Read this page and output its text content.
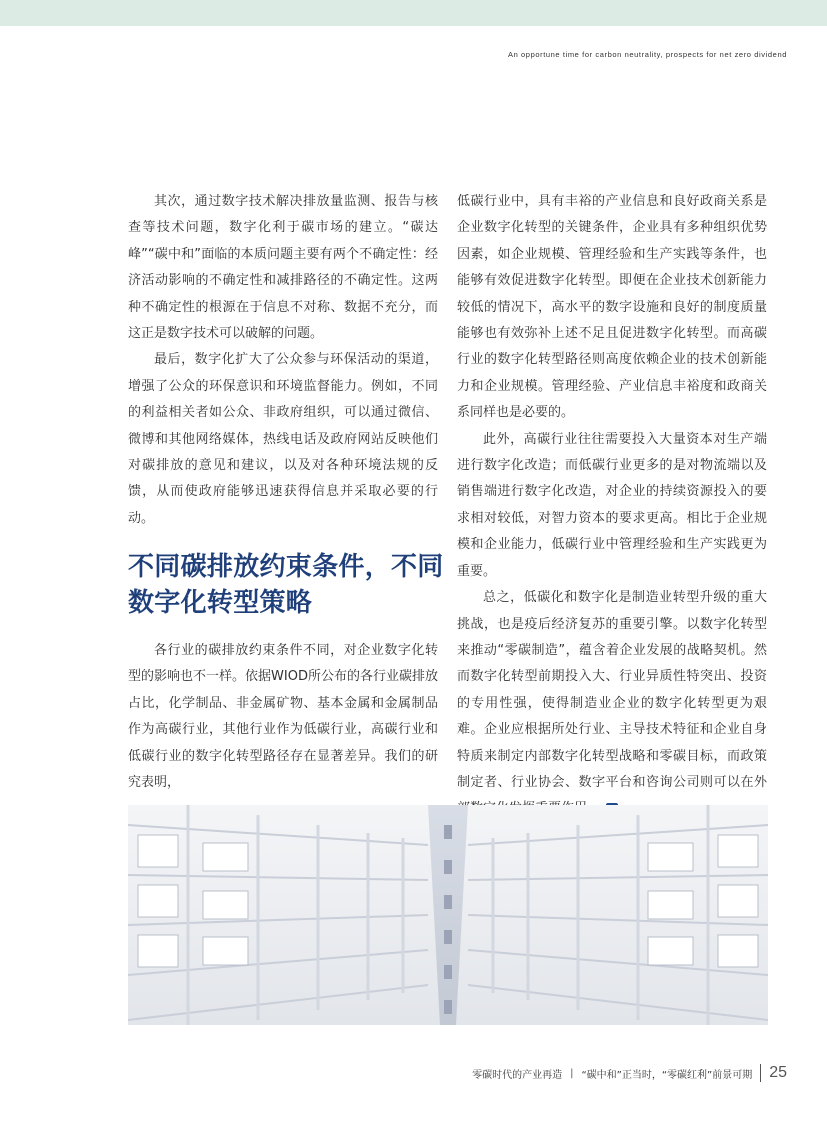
An opportune time for carbon neutrality, prospects for net zero dividend

其次，通过数字技术解决排放量监测、报告与核查等技术问题，数字化利于碳市场的建立。“碳达峰”“碳中和”面临的本质问题主要有两个不确定性：经济活动影响的不确定性和减排路径的不确定性。这两种不确定性的根源在于信息不对称、数据不充分，而这正是数字技术可以破解的问题。

最后，数字化扩大了公众参与环保活动的渠道，增强了公众的环保意识和环境监督能力。例如，不同的利益相关者如公众、非政府组织，可以通过微信、微博和其他网络媒体，热线电话及政府网站反映他们对碳排放的意见和建议，以及对各种环境法规的反馈，从而使政府能够迅速获得信息并采取必要的行动。

不同碳排放约束条件，不同数字化转型策略

各行业的碳排放约束条件不同，对企业数字化转型的影响也不一样。依据WIOD所公布的各行业碳排放占比，化学制品、非金属矿物、基本金属和金属制品作为高碳行业，其他行业作为低碳行业，高碳行业和低碳行业的数字化转型路径存在显著差异。我们的研究表明，

低碳行业中，具有丰裕的产业信息和良好政商关系是企业数字化转型的关键条件，企业具有多种组织优势因素，如企业规模、管理经验和生产实践等条件，也能够有效促进数字化转型。即便在企业技术创新能力较低的情况下，高水平的数字设施和良好的制度质量能够也有效弥补上述不足且促进数字化转型。而高碳行业的数字化转型路径则高度依赖企业的技术创新能力和企业规模。管理经验、产业信息丰裕度和政商关系同样也是必要的。

此外，高碳行业往往需要投入大量资本对生产端进行数字化改造；而低碳行业更多的是对物流端以及销售端进行数字化改造，对企业的持续资源投入的要求相对较低，对智力资本的要求更高。相比于企业规模和企业能力，低碳行业中管理经验和生产实践更为重要。

总之，低碳化和数字化是制造业转型升级的重大挑战，也是疫后经济复苏的重要引擎。以数字化转型来推动“零碳制造”，蕴含着企业发展的战略契机。然而数字化转型前期投入大、行业异质性特突出、投资的专用性强，使得制造业企业的数字化转型更为艰难。企业应根据所处行业、主导技术特征和企业自身特质来制定内部数字化转型战略和零碳目标，而政策制定者、行业协会、数字平台和咨询公司则可以在外

零碳时代的产业再造 | “碳中和”正当时，“零碳红利”前景可期 25
